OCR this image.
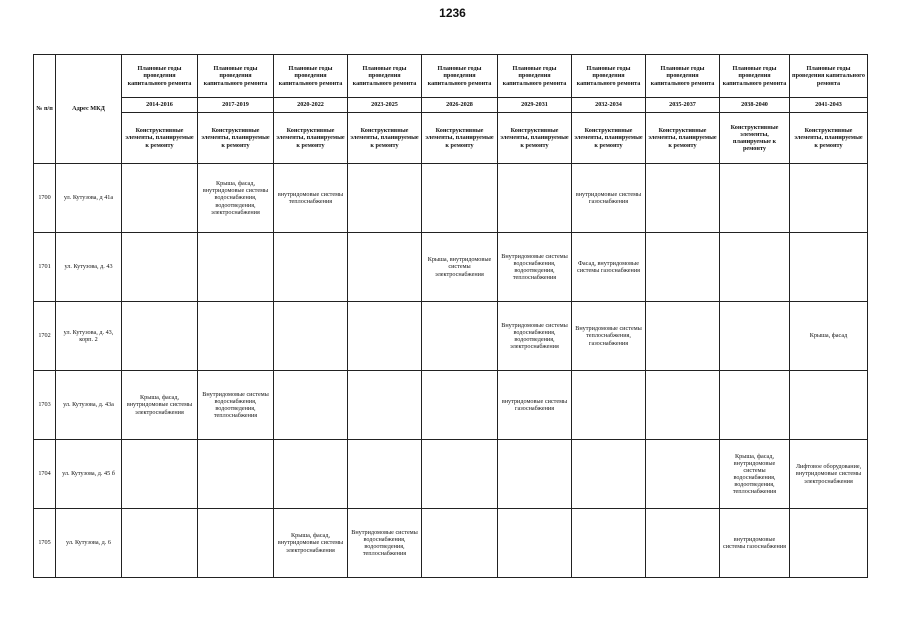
1236
№ п/п	Адрес МКД	Плановые годы проведения капитального ремонта	Плановые годы проведения капитального ремонта	Плановые годы проведения капитального ремонта	Плановые годы проведения капитального ремонта	Плановые годы проведения капитального ремонта	Плановые годы проведения капитального ремонта	Плановые годы проведения капитального ремонта	Плановые годы проведения капитального ремонта	Плановые годы проведения капитального ремонта	Плановые годы проведения капитального ремонта
		2014-2016	2017-2019	2020-2022	2023-2025	2026-2028	2029-2031	2032-2034	2035-2037	2038-2040	2041-2043
		Конструктивные элементы, планируемые к ремонту	Конструктивные элементы, планируемые к ремонту	Конструктивные элементы, планируемые к ремонту	Конструктивные элементы, планируемые к ремонту	Конструктивные элементы, планируемые к ремонту	Конструктивные элементы, планируемые к ремонту	Конструктивные элементы, планируемые к ремонту	Конструктивные элементы, планируемые к ремонту	Конструктивные элементы, планируемые к ремонту	Конструктивные элементы, планируемые к ремонту
1700	ул. Кутузова, д 41а		Крыша, фасад, внутридомовые системы водоснабжения, водоотведения, электроснабжения	внутридомовые системы теплоснабжения				внутридомовые системы газоснабжения			
1701	ул. Кутузова, д. 43					Крыша, внутридомовые системы электроснабжения	Внутридомовые системы водоснабжения, водоотведения, теплоснабжения	Фасад, внутридомовые системы газоснабжения			
1702	ул. Кутузова, д. 43, корп. 2						Внутридомовые системы водоснабжения, водоотведения, электроснабжения	Внутридомовые системы теплоснабжения, газоснабжения			Крыша, фасад
1703	ул. Кутузова, д. 43а	Крыша, фасад, внутридомовые системы электроснабжения	Внутридомовые системы водоснабжения, водоотведения, теплоснабжения				внутридомовые системы газоснабжения				
1704	ул. Кутузова, д. 45 б									Крыша, фасад, внутридомовые системы водоснабжения, водоотведения, теплоснабжения	Лифтовое оборудование, внутридомовые системы электроснабжения
1705	ул. Кутузова, д. 6			Крыша, фасад, внутридомовые системы электроснабжения	Внутридомовые системы водоснабжения, водоотведения, теплоснабжения					внутридомовые системы газоснабжения	
